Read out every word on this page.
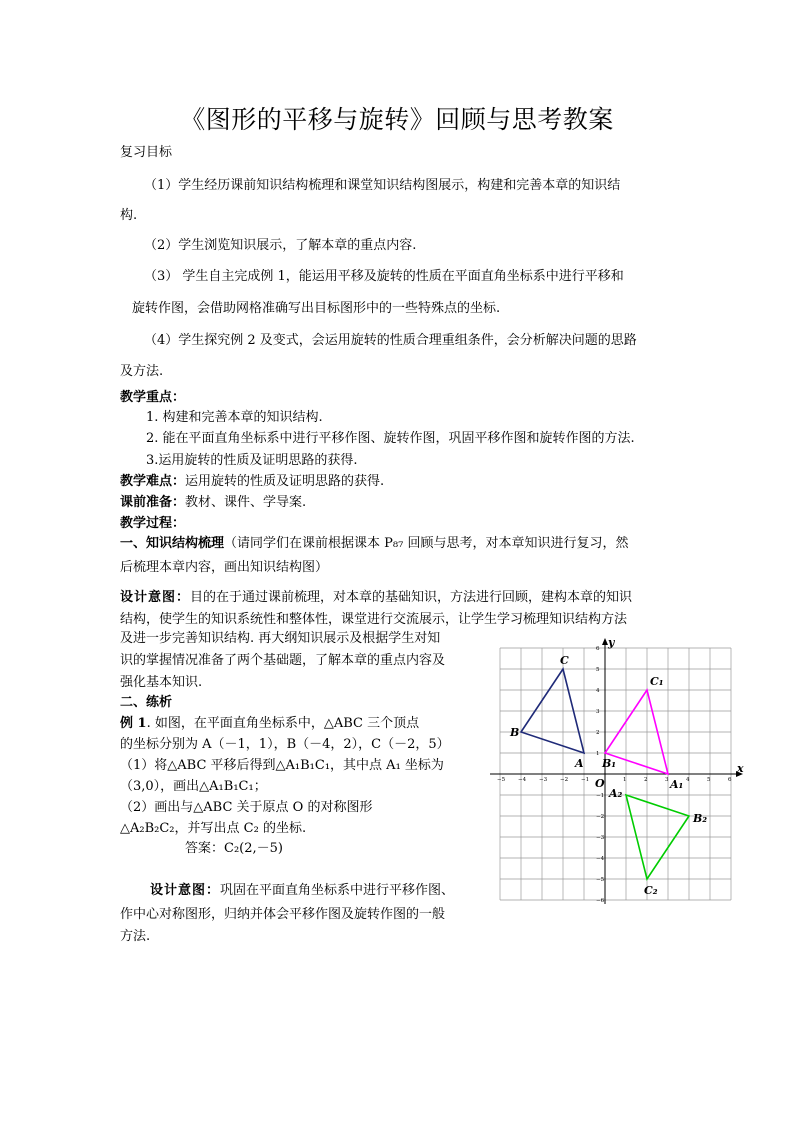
《图形的平移与旋转》回顾与思考教案
复习目标
（1）学生经历课前知识结构梳理和课堂知识结构图展示，构建和完善本章的知识结
构.
（2）学生浏览知识展示，了解本章的重点内容.
（3） 学生自主完成例 1，能运用平移及旋转的性质在平面直角坐标系中进行平移和
旋转作图，会借助网格准确写出目标图形中的一些特殊点的坐标.
（4）学生探究例 2 及变式，会运用旋转的性质合理重组条件，会分析解决问题的思路
及方法.
教学重点：
1. 构建和完善本章的知识结构.
2. 能在平面直角坐标系中进行平移作图、旋转作图，巩固平移作图和旋转作图的方法.
3.运用旋转的性质及证明思路的获得.
教学难点：运用旋转的性质及证明思路的获得.
课前准备：教材、课件、学导案.
教学过程：
一、知识结构梳理（请同学们在课前根据课本 P₈₇ 回顾与思考，对本章知识进行复习，然
后梳理本章内容，画出知识结构图）
设计意图：目的在于通过课前梳理，对本章的基础知识，方法进行回顾，建构本章的知识
结构，使学生的知识系统性和整体性，课堂进行交流展示，让学生学习梳理知识结构方法
及进一步完善知识结构. 再大纲知识展示及根据学生对知
识的掌握情况准备了两个基础题，了解本章的重点内容及
强化基本知识.
二、练析
例 1. 如图，在平面直角坐标系中，△ABC 三个顶点
的坐标分别为 A（－1，1），B（－4，2），C（－2，5）
（1）将△ABC 平移后得到△A₁B₁C₁，其中点 A₁ 坐标为
（3,0），画出△A₁B₁C₁；
（2）画出与△ABC 关于原点 O 的对称图形
△A₂B₂C₂，并写出点 C₂ 的坐标.
答案：C₂(2,－5)
设计意图：巩固在平面直角坐标系中进行平移作图、
作中心对称图形，归纳并体会平移作图及旋转作图的一般
方法.
x
y
O
−5 −4 −3 −2 −1	1	2	3	4	5	6
6
5
4
3
2
1
−1
−2
−3
−4
−5
−6
A
B
C
A₁
B₁
C₁
A₂
B₂
C₂
